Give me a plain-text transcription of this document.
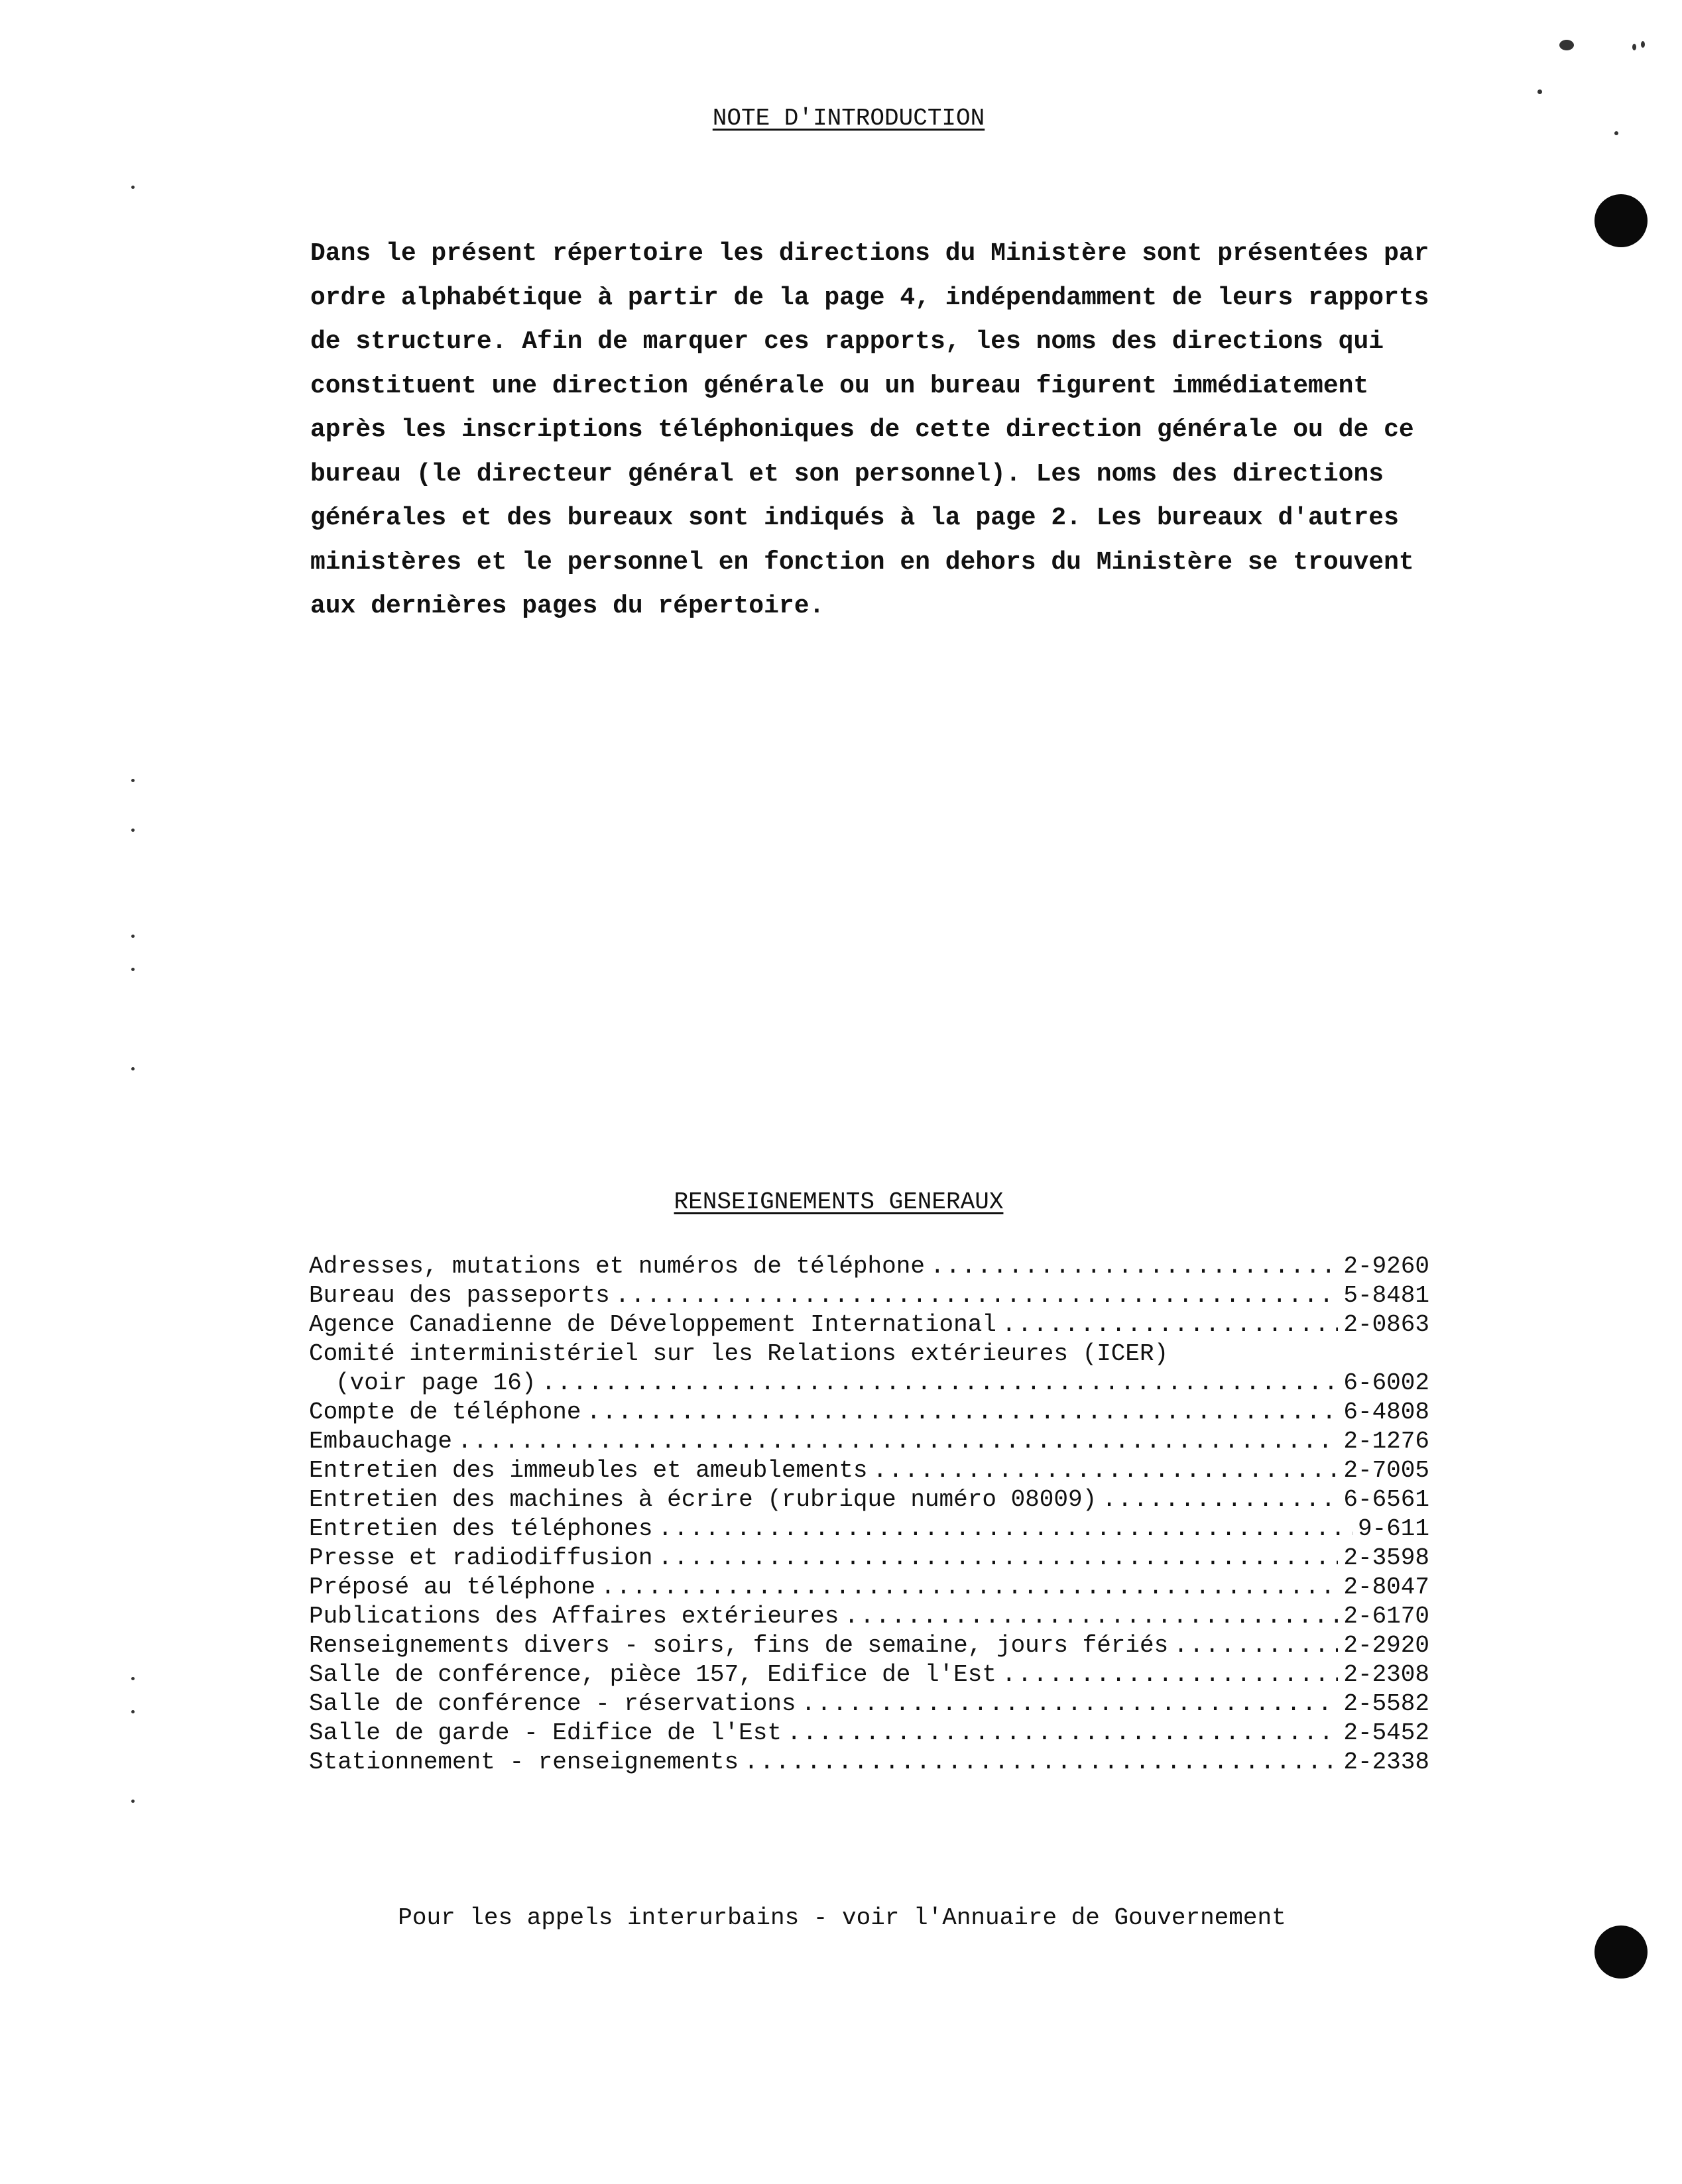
NOTE D'INTRODUCTION

Dans le présent répertoire les directions du Ministère sont présentées par
ordre alphabétique à partir de la page 4, indépendamment de leurs rapports
de structure. Afin de marquer ces rapports, les noms des directions qui
constituent une direction générale ou un bureau figurent immédiatement
après les inscriptions téléphoniques de cette direction générale ou de ce
bureau (le directeur général et son personnel). Les noms des directions
générales et des bureaux sont indiqués à la page 2. Les bureaux d'autres
ministères et le personnel en fonction en dehors du Ministère se trouvent
aux dernières pages du répertoire.

RENSEIGNEMENTS GENERAUX
Adresses, mutations et numéros de téléphone .....	2-9260
Bureau des passeports .....	5-8481
Agence Canadienne de Développement International .....	2-0863
Comité interministériel sur les Relations extérieures (ICER)
(voir page 16) .....	6-6002
Compte de téléphone .....	6-4808
Embauchage .....	2-1276
Entretien des immeubles et ameublements .....	2-7005
Entretien des machines à écrire (rubrique numéro 08009) .....	6-6561
Entretien des téléphones .....	9-611
Presse et radiodiffusion .....	2-3598
Préposé au téléphone .....	2-8047
Publications des Affaires extérieures .....	2-6170
Renseignements divers - soirs, fins de semaine, jours fériés .....	2-2920
Salle de conférence, pièce 157, Edifice de l'Est .....	2-2308
Salle de conférence - réservations .....	2-5582
Salle de garde - Edifice de l'Est .....	2-5452
Stationnement - renseignements .....	2-2338
Pour les appels interurbains - voir l'Annuaire de Gouvernement
